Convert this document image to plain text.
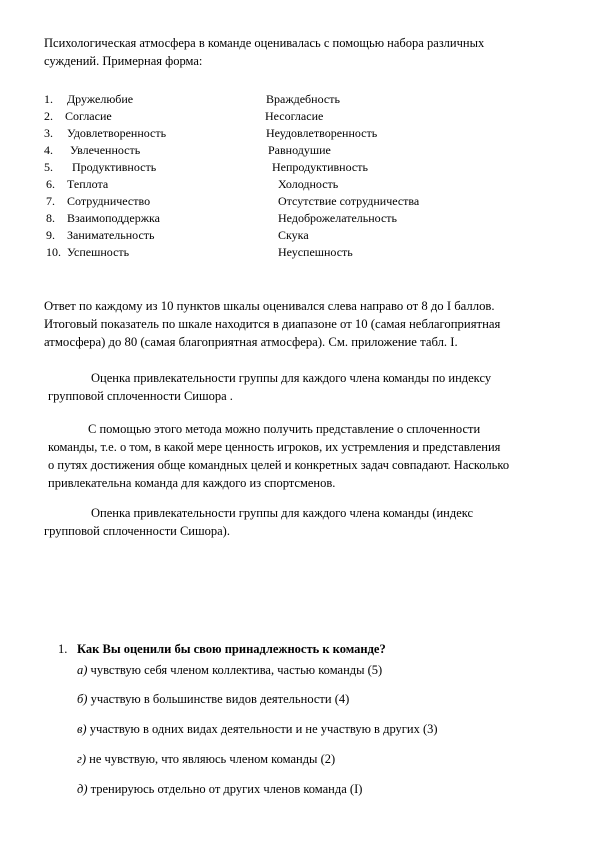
Психологическая атмосфера в команде оценивалась с помощью набора различных
суждений. Примерная форма:

1. Дружелюбие	Враждебность
2. Согласие	Несогласие
3. Удовлетворенность	Неудовлетворенность
4. Увлеченность	Равнодушие
5. Продуктивность	Непродуктивность
6. Теплота	Холодность
7. Сотрудничество	Отсутствие сотрудничества
8. Взаимоподдержка	Недоброжелательность
9. Занимательность	Скука
10. Успешность	Неуспешность

Ответ по каждому из 10 пунктов шкалы оценивался слева направо от 8 до I баллов.
Итоговый показатель по шкале находится в диапазоне от 10 (самая неблагоприятная
атмосфера) до 80 (самая благоприятная атмосфера). См. приложение табл. I.

Оценка привлекательности группы для каждого члена команды по индексу

групповой сплоченности Сишора .

С помощью этого метода можно получить представление о сплоченности

команды, т.е. о том, в какой мере ценность игроков, их устремления и представления

о путях достижения обще командных целей и конкретных задач совпадают. Насколько

привлекательна команда для каждого из спортсменов.

Опенка привлекательности группы для каждого члена команды (индекс

групповой сплоченности Сишора).

1. Как Вы оценили бы свою принадлежность к команде?
а) чувствую себя членом коллектива, частью команды (5)
б) участвую в большинстве видов деятельности (4)
в) участвую в одних видах деятельности и не участвую в других (3)
г) не чувствую, что являюсь членом команды (2)
д) тренируюсь отдельно от других членов команда (I)
